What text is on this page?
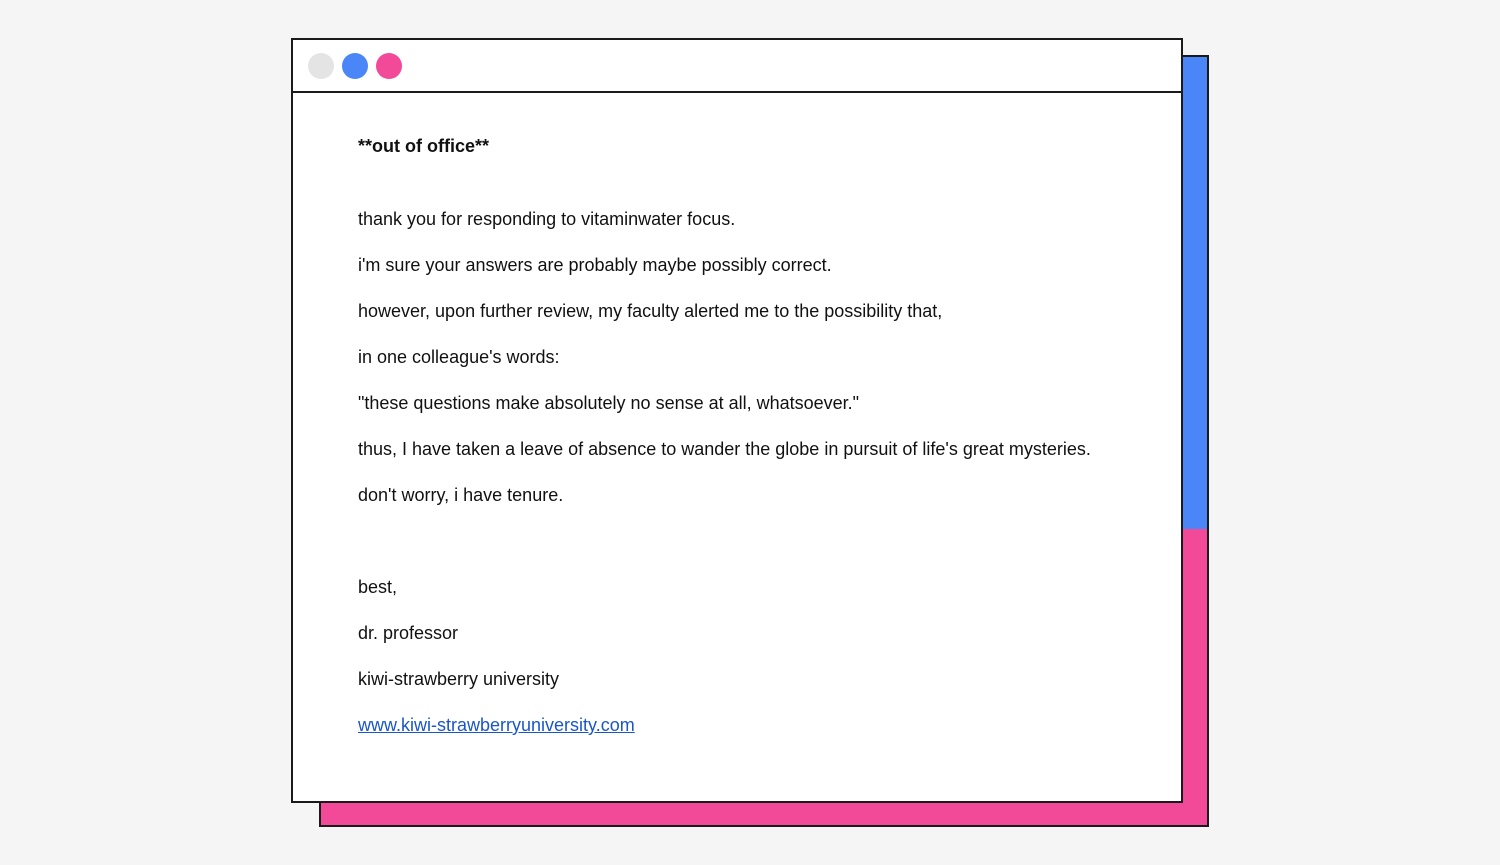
**out of office**

thank you for responding to vitaminwater focus.

i'm sure your answers are probably maybe possibly correct.

however, upon further review, my faculty alerted me to the possibility that,

in one colleague's words:

"these questions make absolutely no sense at all, whatsoever."

thus, I have taken a leave of absence to wander the globe in pursuit of life's great mysteries.

don't worry, i have tenure.

best,

dr. professor

kiwi-strawberry university

www.kiwi-strawberryuniversity.com
